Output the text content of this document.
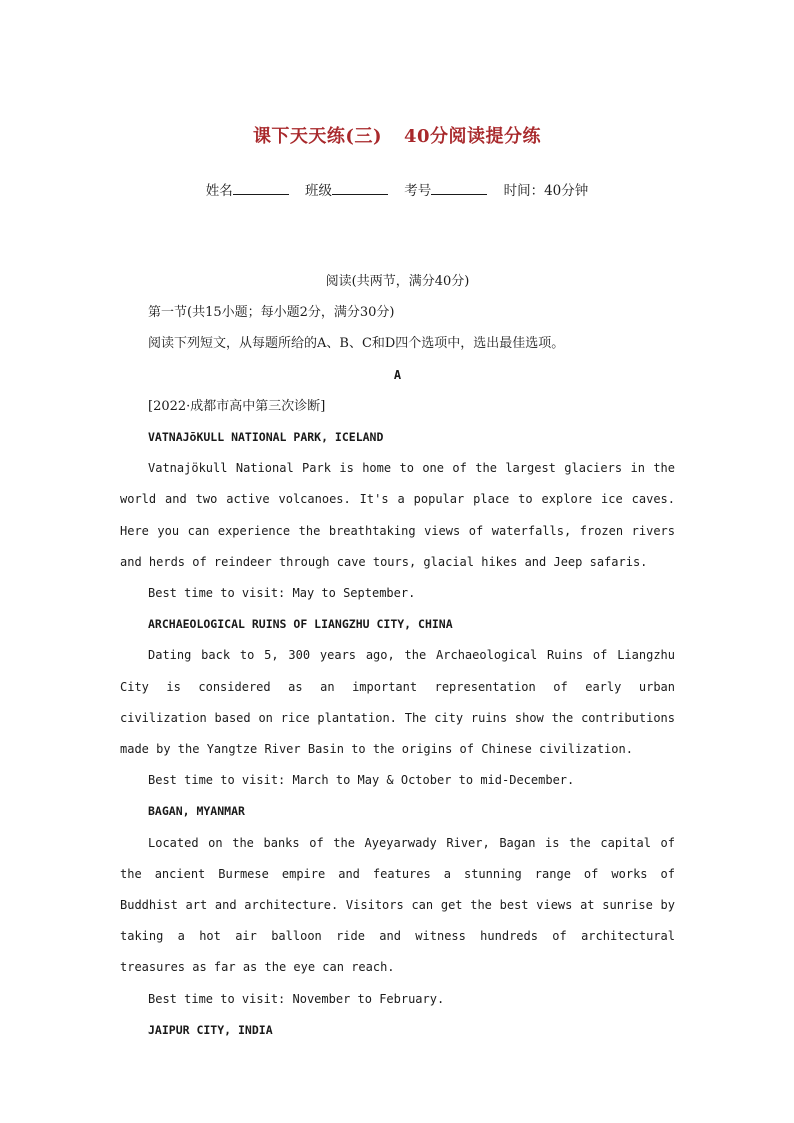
课下天天练(三) 40分阅读提分练
姓名	班级	考号	时间：40分钟

阅读(共两节，满分40分)

第一节(共15小题；每小题2分，满分30分)

阅读下列短文，从每题所给的A、B、C和D四个选项中，选出最佳选项。

A

[2022·成都市高中第三次诊断]

VATNAJōKULL NATIONAL PARK, ICELAND

Vatnajökull National Park is home to one of the largest glaciers in the world and two active volcanoes. It's a popular place to explore ice caves. Here you can experience the breathtaking views of waterfalls, frozen rivers and herds of reindeer through cave tours, glacial hikes and Jeep safaris.

Best time to visit: May to September.

ARCHAEOLOGICAL RUINS OF LIANGZHU CITY, CHINA

Dating back to 5, 300 years ago, the Archaeological Ruins of Liangzhu City is considered as an important representation of early urban civilization based on rice plantation. The city ruins show the contributions made by the Yangtze River Basin to the origins of Chinese civilization.

Best time to visit: March to May & October to mid-December.

BAGAN, MYANMAR

Located on the banks of the Ayeyarwady River, Bagan is the capital of the ancient Burmese empire and features a stunning range of works of Buddhist art and architecture. Visitors can get the best views at sunrise by taking a hot air balloon ride and witness hundreds of architectural treasures as far as the eye can reach.

Best time to visit: November to February.

JAIPUR CITY, INDIA
